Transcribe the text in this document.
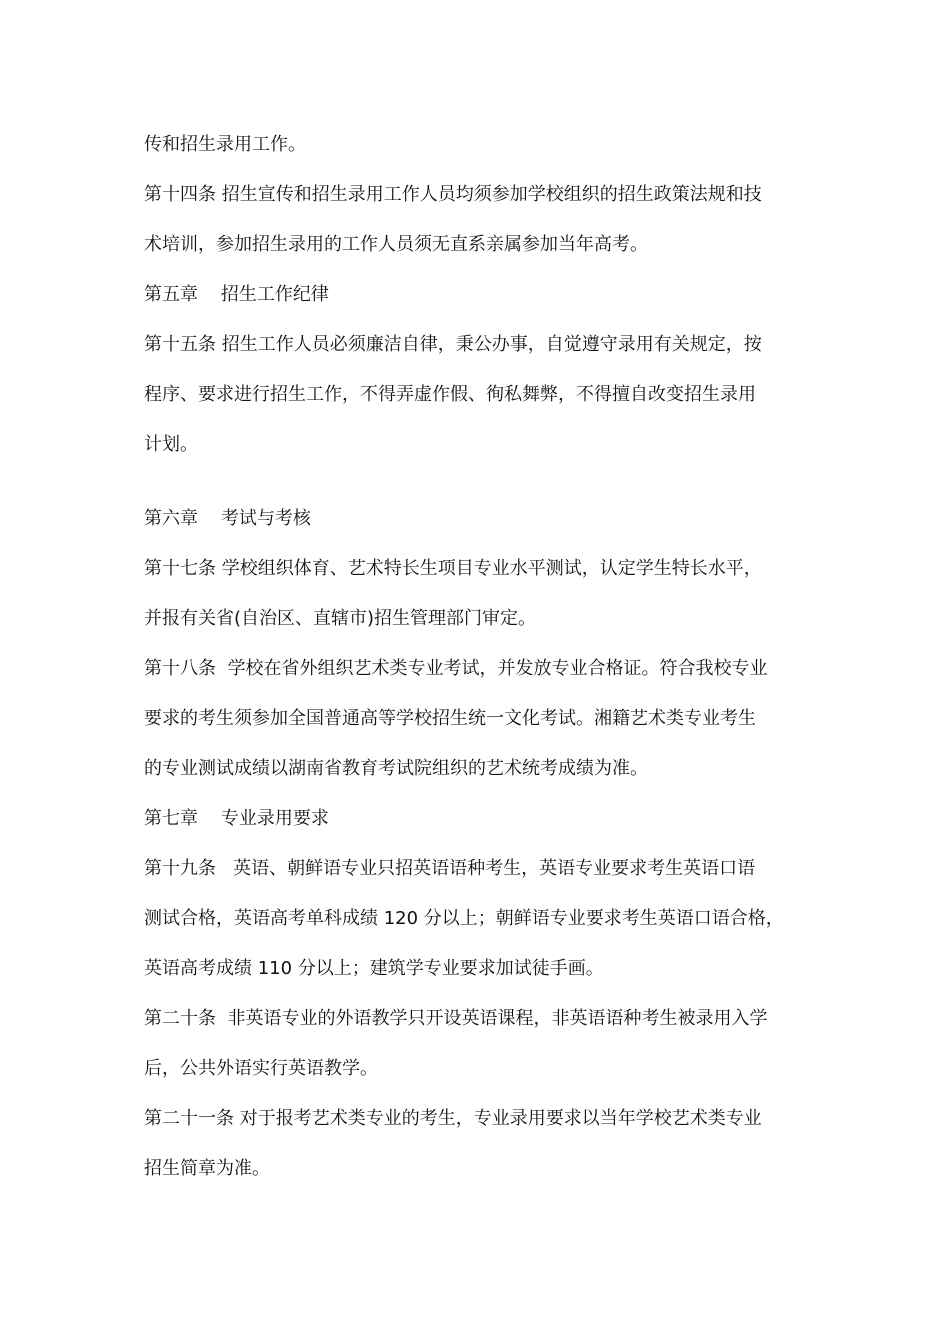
传和招生录用工作。
第十四条 招生宣传和招生录用工作人员均须参加学校组织的招生政策法规和技
术培训，参加招生录用的工作人员须无直系亲属参加当年高考。
第五章    招生工作纪律
第十五条 招生工作人员必须廉洁自律，秉公办事，自觉遵守录用有关规定，按
程序、要求进行招生工作，不得弄虚作假、徇私舞弊，不得擅自改变招生录用
计划。
第六章    考试与考核
第十七条 学校组织体育、艺术特长生项目专业水平测试，认定学生特长水平，
并报有关省(自治区、直辖市)招生管理部门审定。
第十八条  学校在省外组织艺术类专业考试，并发放专业合格证。符合我校专业
要求的考生须参加全国普通高等学校招生统一文化考试。湘籍艺术类专业考生
的专业测试成绩以湖南省教育考试院组织的艺术统考成绩为准。
第七章    专业录用要求
第十九条   英语、朝鲜语专业只招英语语种考生，英语专业要求考生英语口语
测试合格，英语高考单科成绩 120 分以上；朝鲜语专业要求考生英语口语合格，
英语高考成绩 110 分以上；建筑学专业要求加试徒手画。
第二十条  非英语专业的外语教学只开设英语课程，非英语语种考生被录用入学
后，公共外语实行英语教学。
第二十一条 对于报考艺术类专业的考生，专业录用要求以当年学校艺术类专业
招生简章为准。
